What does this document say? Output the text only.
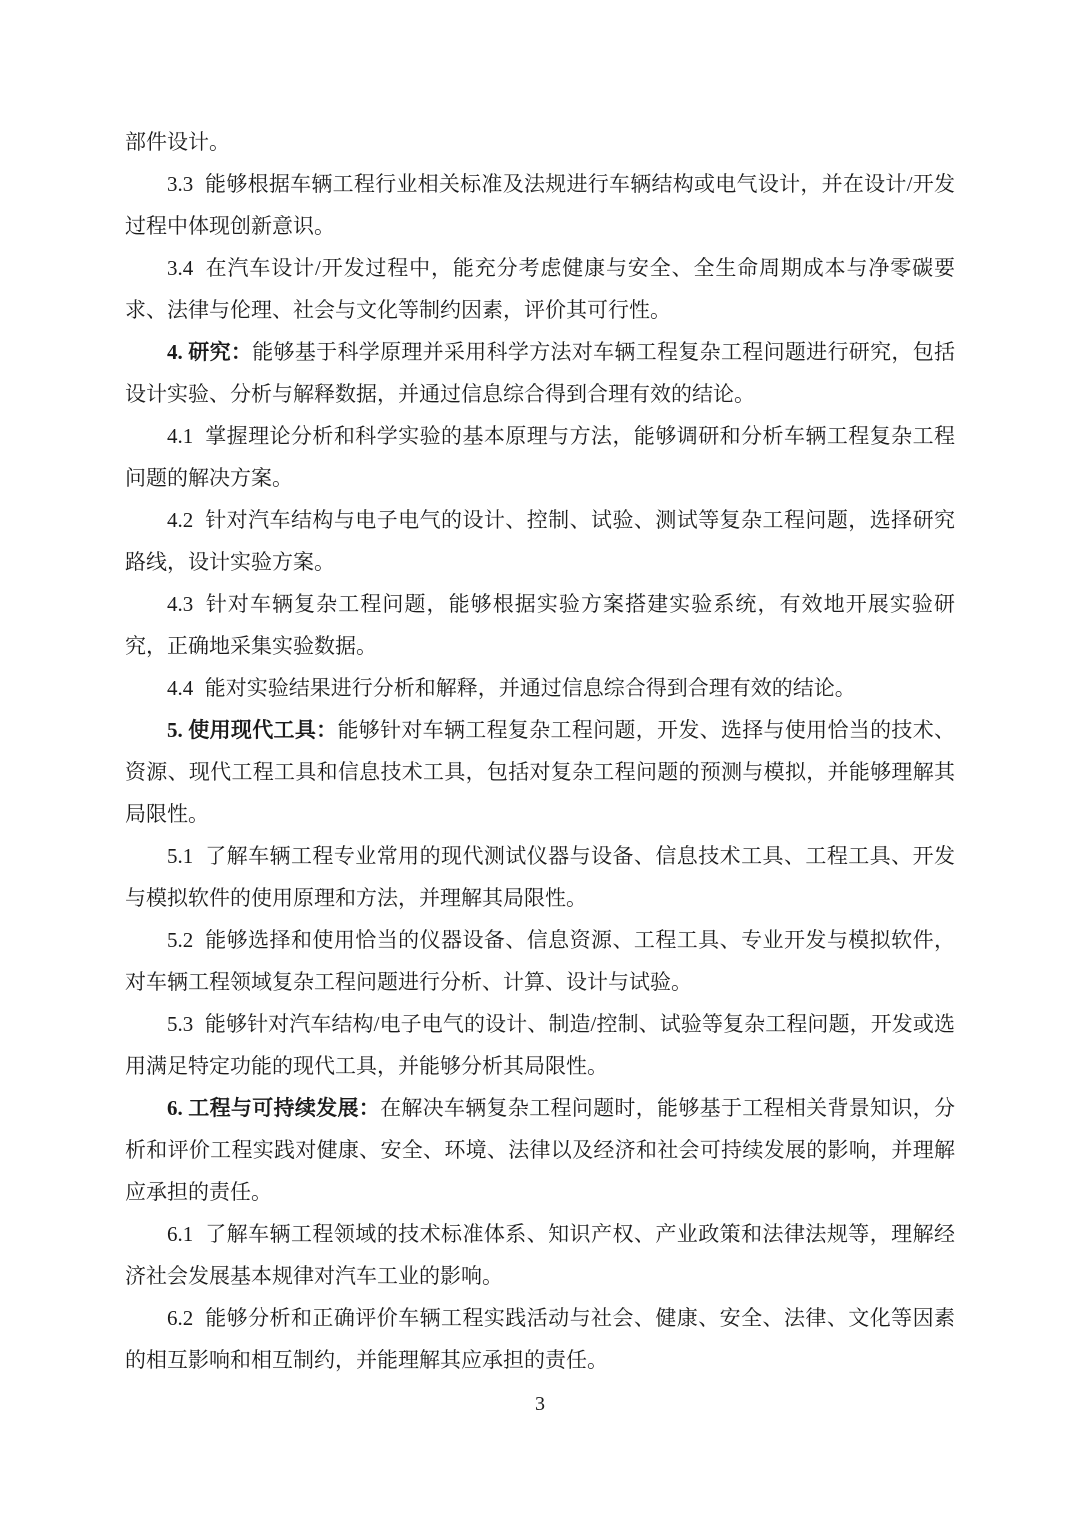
部件设计。

3.3 能够根据车辆工程行业相关标准及法规进行车辆结构或电气设计，并在设计/开发过程中体现创新意识。

3.4 在汽车设计/开发过程中，能充分考虑健康与安全、全生命周期成本与净零碳要求、法律与伦理、社会与文化等制约因素，评价其可行性。

4. 研究：能够基于科学原理并采用科学方法对车辆工程复杂工程问题进行研究，包括设计实验、分析与解释数据，并通过信息综合得到合理有效的结论。

4.1 掌握理论分析和科学实验的基本原理与方法，能够调研和分析车辆工程复杂工程问题的解决方案。

4.2 针对汽车结构与电子电气的设计、控制、试验、测试等复杂工程问题，选择研究路线，设计实验方案。

4.3 针对车辆复杂工程问题，能够根据实验方案搭建实验系统，有效地开展实验研究，正确地采集实验数据。

4.4 能对实验结果进行分析和解释，并通过信息综合得到合理有效的结论。

5. 使用现代工具：能够针对车辆工程复杂工程问题，开发、选择与使用恰当的技术、资源、现代工程工具和信息技术工具，包括对复杂工程问题的预测与模拟，并能够理解其局限性。

5.1 了解车辆工程专业常用的现代测试仪器与设备、信息技术工具、工程工具、开发与模拟软件的使用原理和方法，并理解其局限性。

5.2 能够选择和使用恰当的仪器设备、信息资源、工程工具、专业开发与模拟软件，对车辆工程领域复杂工程问题进行分析、计算、设计与试验。

5.3 能够针对汽车结构/电子电气的设计、制造/控制、试验等复杂工程问题，开发或选用满足特定功能的现代工具，并能够分析其局限性。

6. 工程与可持续发展：在解决车辆复杂工程问题时，能够基于工程相关背景知识，分析和评价工程实践对健康、安全、环境、法律以及经济和社会可持续发展的影响，并理解应承担的责任。

6.1 了解车辆工程领域的技术标准体系、知识产权、产业政策和法律法规等，理解经济社会发展基本规律对汽车工业的影响。

6.2 能够分析和正确评价车辆工程实践活动与社会、健康、安全、法律、文化等因素的相互影响和相互制约，并能理解其应承担的责任。

3
